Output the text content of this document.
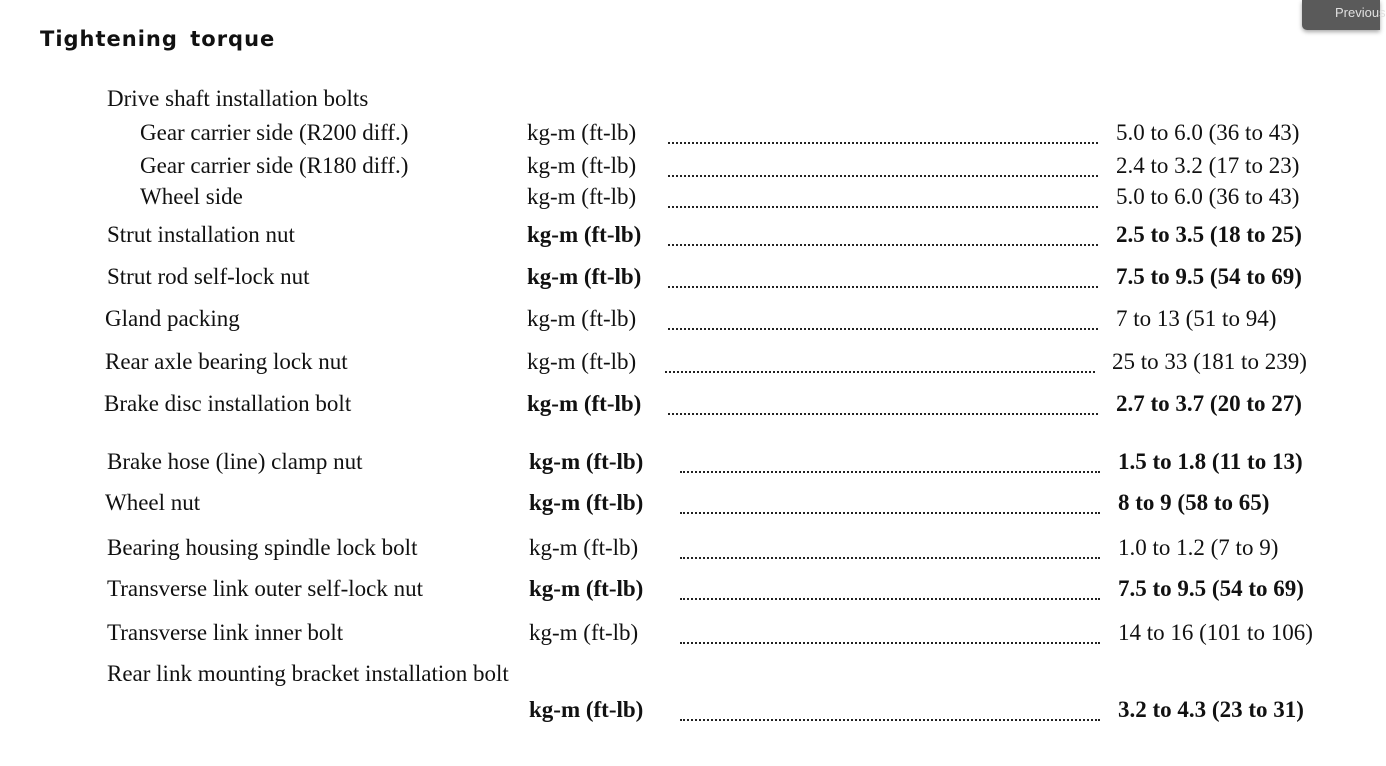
Previous
Tightening torque
Drive shaft installation bolts
Gear carrier side (R200 diff.)	kg-m (ft-lb)	5.0 to 6.0 (36 to 43)
Gear carrier side (R180 diff.)	kg-m (ft-lb)	2.4 to 3.2 (17 to 23)
Wheel side	kg-m (ft-lb)	5.0 to 6.0 (36 to 43)
Strut installation nut	kg-m (ft-lb)	2.5 to 3.5 (18 to 25)
Strut rod self-lock nut	kg-m (ft-lb)	7.5 to 9.5 (54 to 69)
Gland packing	kg-m (ft-lb)	7 to 13 (51 to 94)
Rear axle bearing lock nut	kg-m (ft-lb)	25 to 33 (181 to 239)
Brake disc installation bolt	kg-m (ft-lb)	2.7 to 3.7 (20 to 27)
Brake hose (line) clamp nut	kg-m (ft-lb)	1.5 to 1.8 (11 to 13)
Wheel nut	kg-m (ft-lb)	8 to 9 (58 to 65)
Bearing housing spindle lock bolt	kg-m (ft-lb)	1.0 to 1.2 (7 to 9)
Transverse link outer self-lock nut	kg-m (ft-lb)	7.5 to 9.5 (54 to 69)
Transverse link inner bolt	kg-m (ft-lb)	14 to 16 (101 to 106)
Rear link mounting bracket installation bolt
kg-m (ft-lb)	3.2 to 4.3 (23 to 31)
